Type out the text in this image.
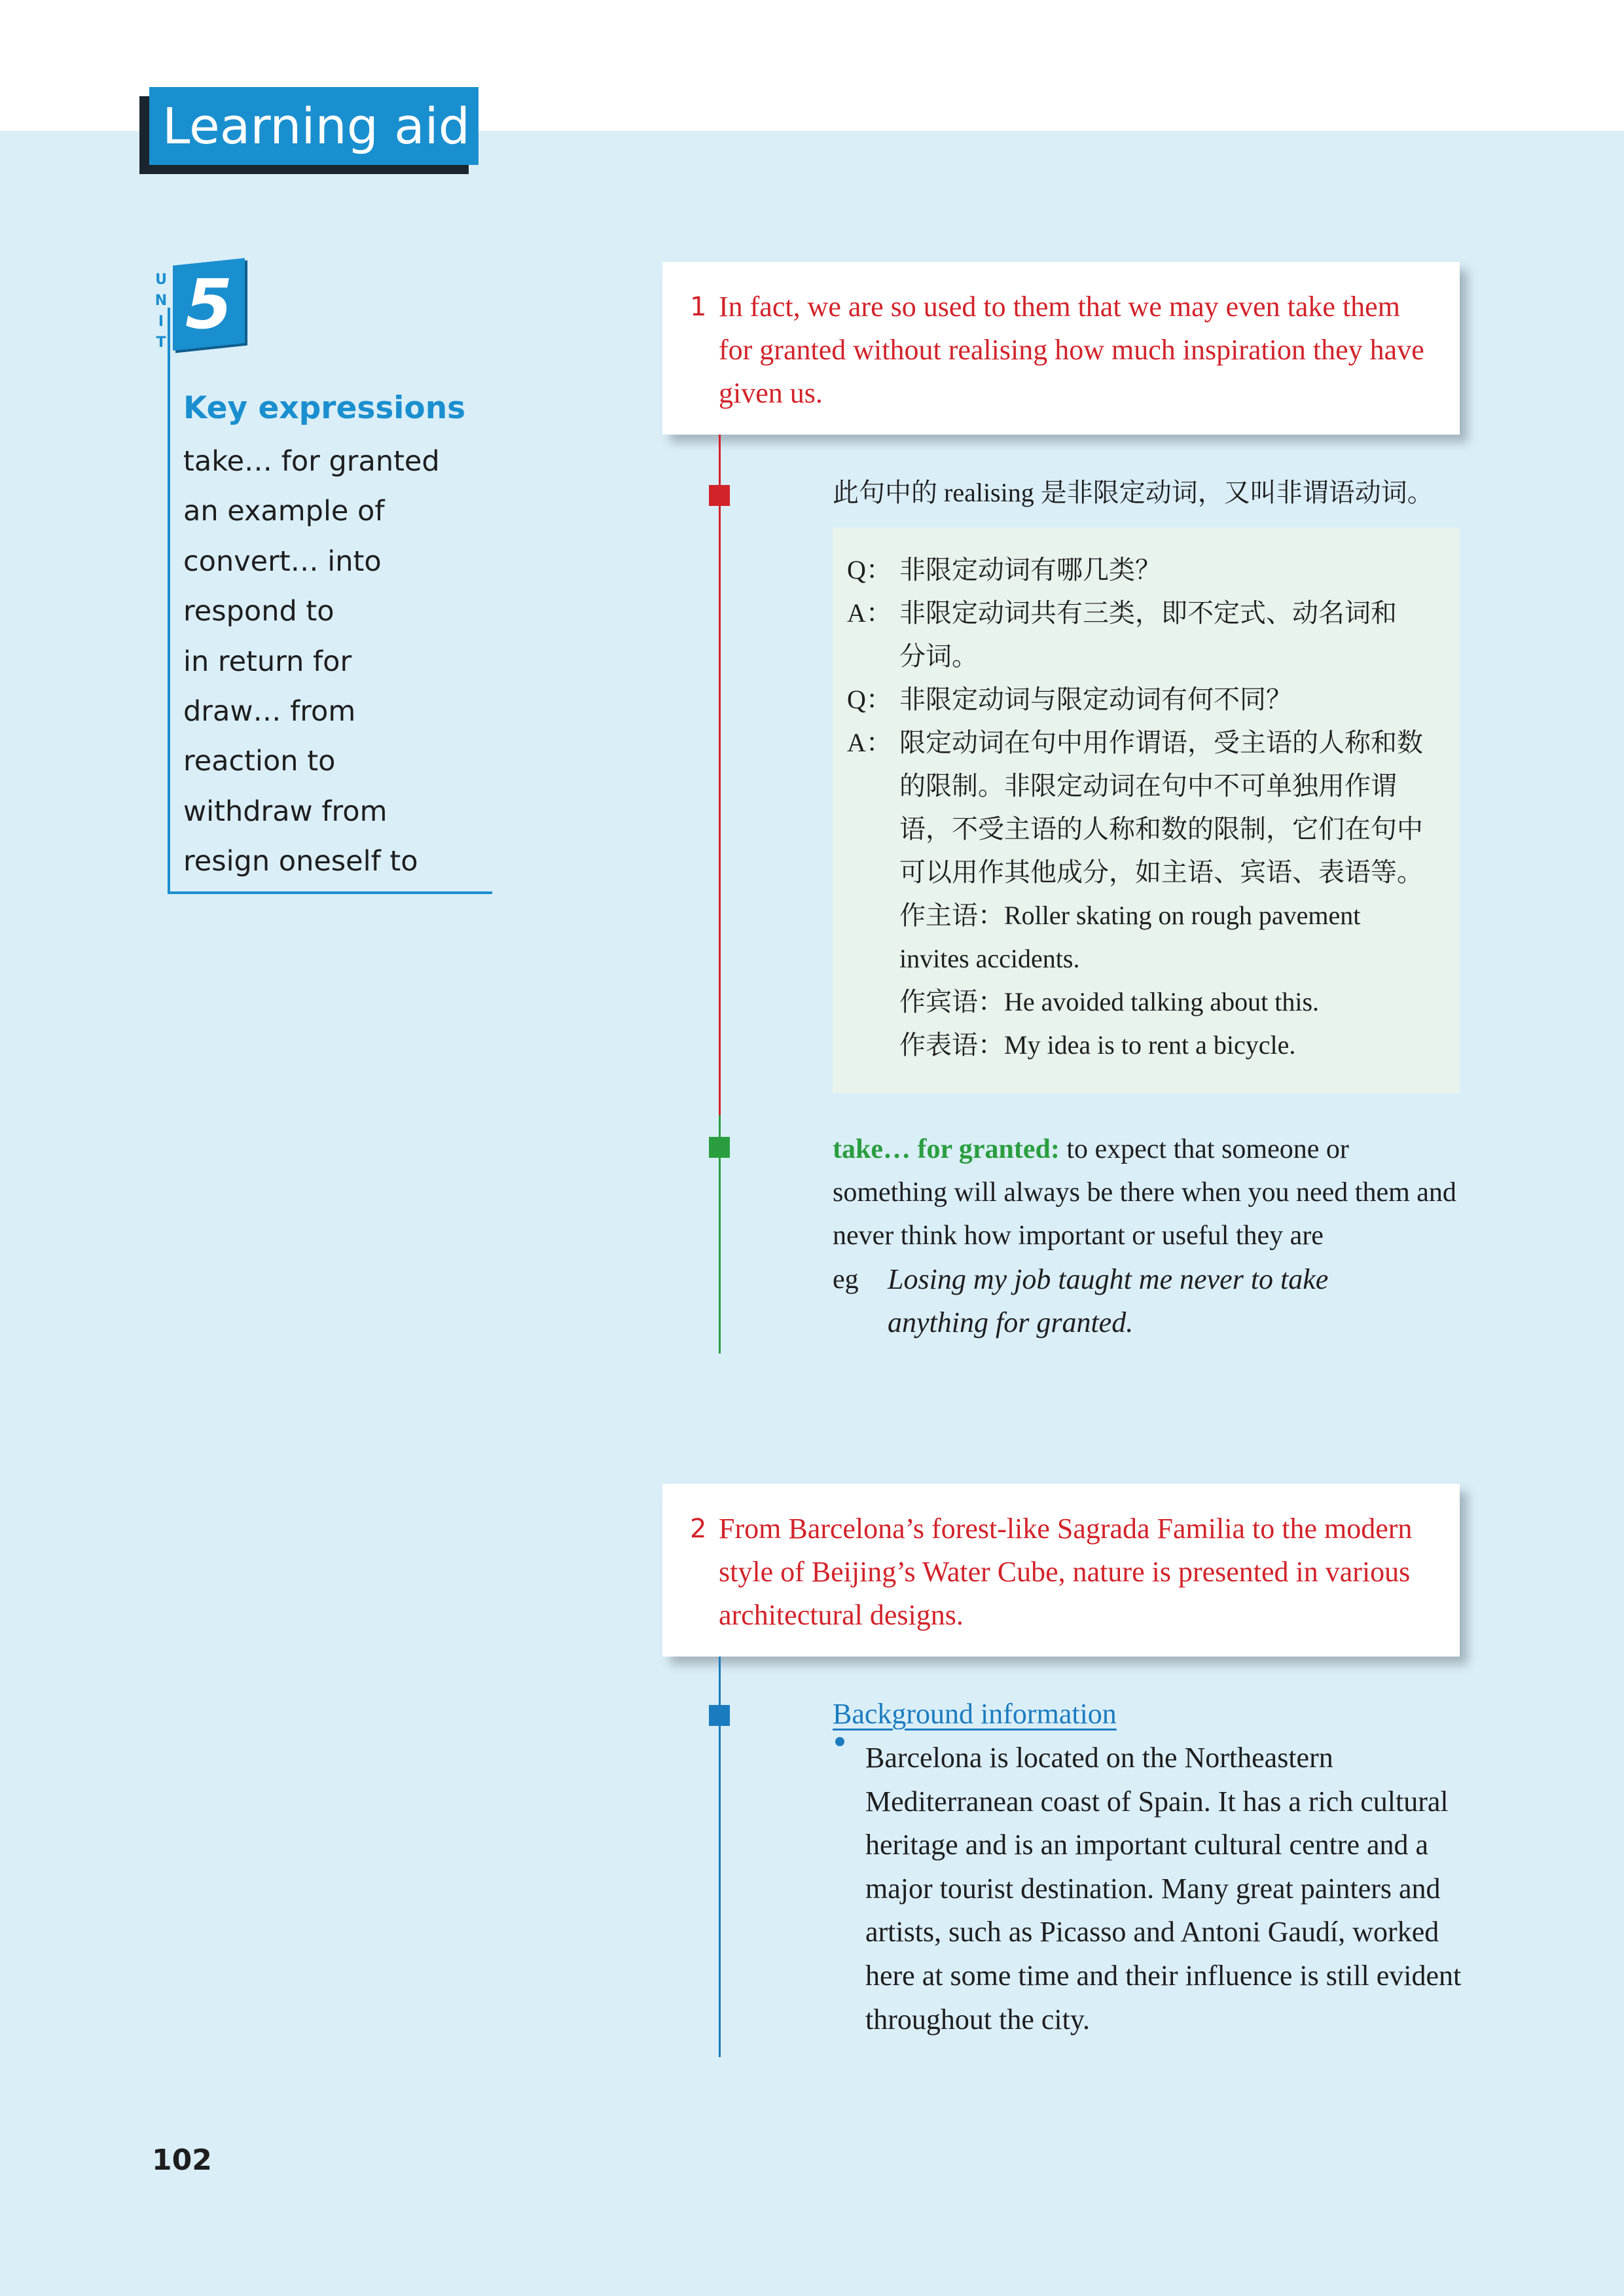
Learning aid
U
N
I
T 5
Key expressions
take… for granted
an example of
convert… into
respond to
in return for
draw… from
reaction to
withdraw from
resign oneself to
1 In fact, we are so used to them that we may even take them for granted without realising how much inspiration they have given us.
此句中的 realising 是非限定动词，又叫非谓语动词。
Q： 非限定动词有哪几类？
A： 非限定动词共有三类，即不定式、动名词和
分词。
Q： 非限定动词与限定动词有何不同？
A： 限定动词在句中用作谓语，受主语的人称和数
的限制。非限定动词在句中不可单独用作谓
语，不受主语的人称和数的限制，它们在句中
可以用作其他成分，如主语、宾语、表语等。
作主语：Roller skating on rough pavement
invites accidents.
作宾语：He avoided talking about this.
作表语：My idea is to rent a bicycle.
take… for granted: to expect that someone or something will always be there when you need them and never think how important or useful they are
eg Losing my job taught me never to take anything for granted.
2 From Barcelona’s forest-like Sagrada Familia to the modern style of Beijing’s Water Cube, nature is presented in various architectural designs.
Background information
Barcelona is located on the Northeastern Mediterranean coast of Spain. It has a rich cultural heritage and is an important cultural centre and a major tourist destination. Many great painters and artists, such as Picasso and Antoni Gaudí, worked here at some time and their influence is still evident throughout the city.
102
